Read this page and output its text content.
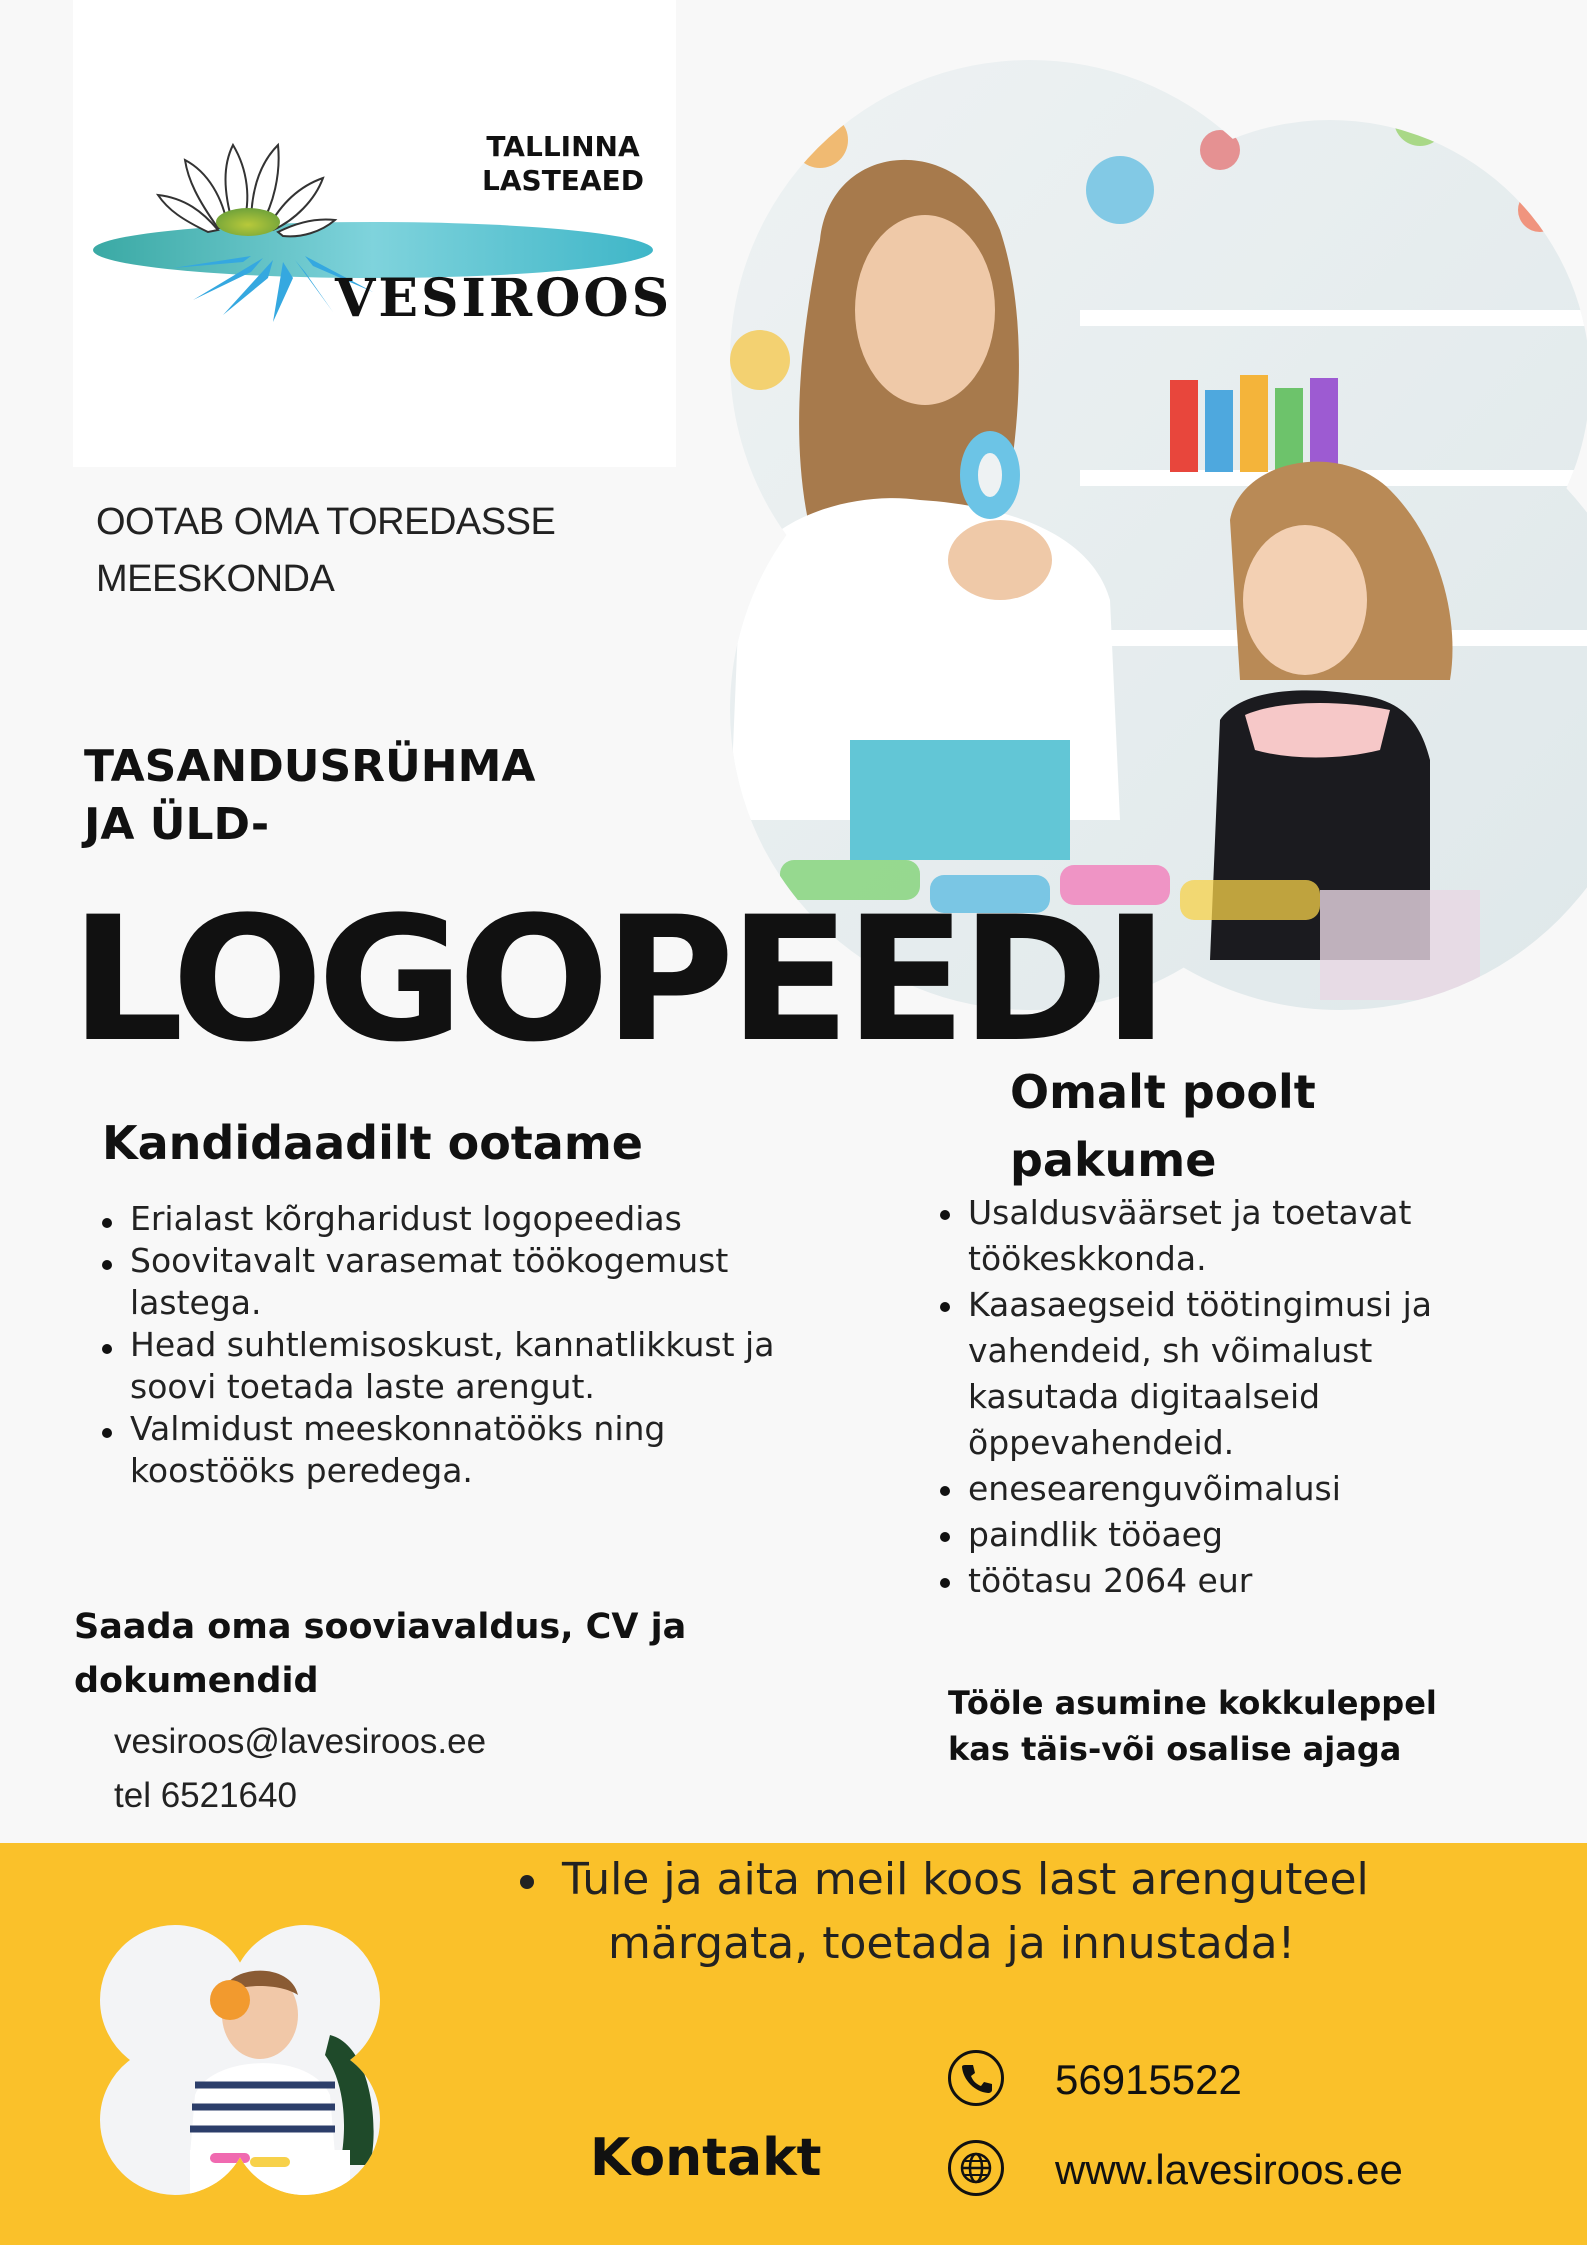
TALLINNA
LASTEAED
VESIROOS
OOTAB OMA TOREDASSE
MEESKONDA
TASANDUSRÜHMA
JA ÜLD-
LOGOPEEDI
Kandidaadilt ootame
Erialast kõrgharidust logopeedias
Soovitavalt varasemat töökogemust lastega.
Head suhtlemisoskust, kannatlikkust ja soovi toetada laste arengut.
Valmidust meeskonnatööks ning koostööks peredega.
Omalt poolt
pakume
Usaldusväärset ja toetavat töökeskkonda.
Kaasaegseid töötingimusi ja vahendeid, sh võimalust kasutada digitaalseid õppevahendeid.
enesearenguvõimalusi
paindlik tööaeg
töötasu 2064 eur
Saada oma sooviavaldus, CV ja dokumendid
vesiroos@lavesiroos.ee
tel 6521640
Tööle asumine kokkuleppel
kas täis-või osalise ajaga
Tule ja aita meil koos last arenguteel
märgata, toetada ja innustada!
Kontakt
56915522
www.lavesiroos.ee
